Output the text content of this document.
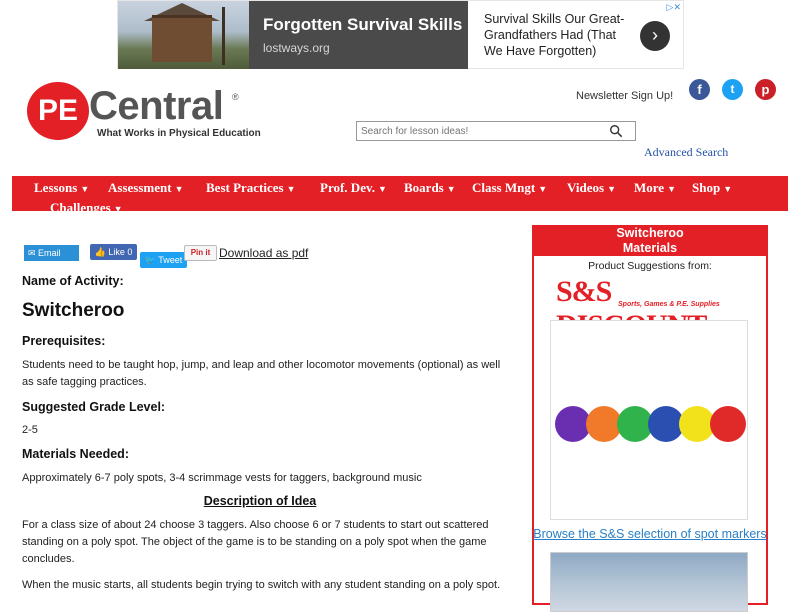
Forgotten Survival Skills
lostways.org
Survival Skills Our Great-Grandfathers Had (That We Have Forgotten)
›
▷✕
PE Central ®
What Works in Physical Education
Newsletter Sign Up!	f	t	p
Search for lesson ideas!
Advanced Search
Lessons ▼ Assessment ▼ Best Practices ▼ Prof. Dev. ▼ Boards ▼ Class Mngt ▼ Videos ▼ More ▼ Shop ▼
Challenges ▼
✉ Email	👍 Like 0
🐦 Tweet
Pin it Download as pdf
Name of Activity:
Switcheroo
Prerequisites:
Students need to be taught hop, jump, and leap and other locomotor movements (optional) as well as safe tagging practices.
Suggested Grade Level:
2-5
Materials Needed:
Approximately 6-7 poly spots, 3-4 scrimmage vests for taggers, background music
Description of Idea
For a class size of about 24 choose 3 taggers. Also choose 6 or 7 students to start out scattered standing on a poly spot. The object of the game is to be standing on a poly spot when the game concludes.
When the music starts, all students begin trying to switch with any student standing on a poly spot.
Switcheroo
Materials
Product Suggestions from:
S&S Sports, Games & P.E. Supplies
Browse the S&S selection of spot markers
